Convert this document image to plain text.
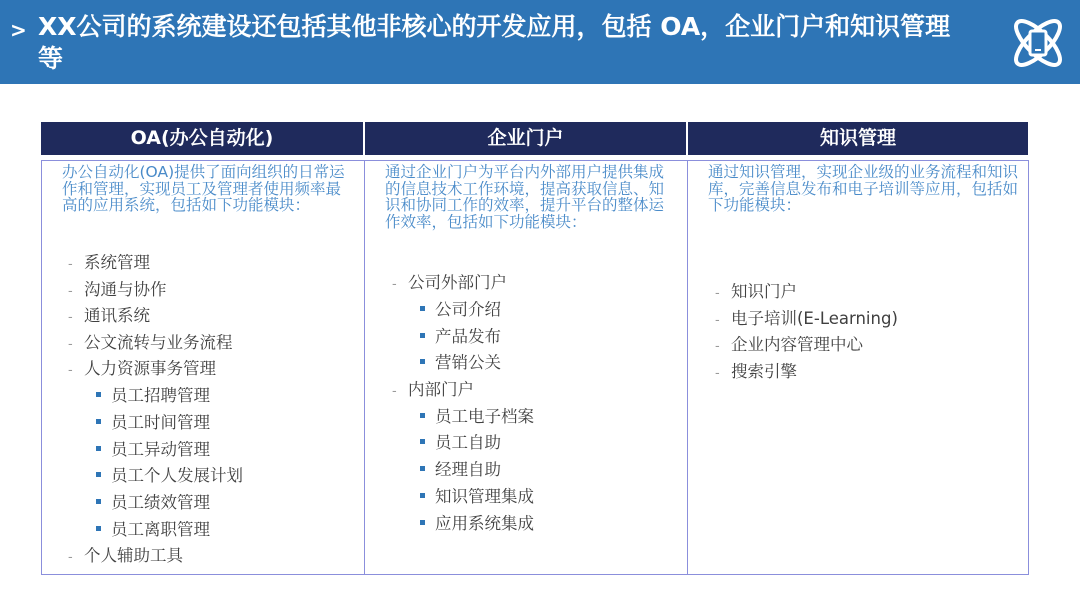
> XX公司的系统建设还包括其他非核心的开发应用，包括 OA，企业门户和知识管理等
OA(办公自动化)	企业门户	知识管理
办公自动化(OA)提供了面向组织的日常运作和管理，实现员工及管理者使用频率最高的应用系统，包括如下功能模块：
- 系统管理
- 沟通与协作
- 通讯系统
- 公文流转与业务流程
- 人力资源事务管理
员工招聘管理
员工时间管理
员工异动管理
员工个人发展计划
员工绩效管理
员工离职管理
- 个人辅助工具
通过企业门户为平台内外部用户提供集成的信息技术工作环境，提高获取信息、知识和协同工作的效率，提升平台的整体运作效率，包括如下功能模块：
- 公司外部门户
公司介绍
产品发布
营销公关
- 内部门户
员工电子档案
员工自助
经理自助
知识管理集成
应用系统集成
通过知识管理，实现企业级的业务流程和知识库，完善信息发布和电子培训等应用，包括如下功能模块：
- 知识门户
- 电子培训(E-Learning)
- 企业内容管理中心
- 搜索引擎
